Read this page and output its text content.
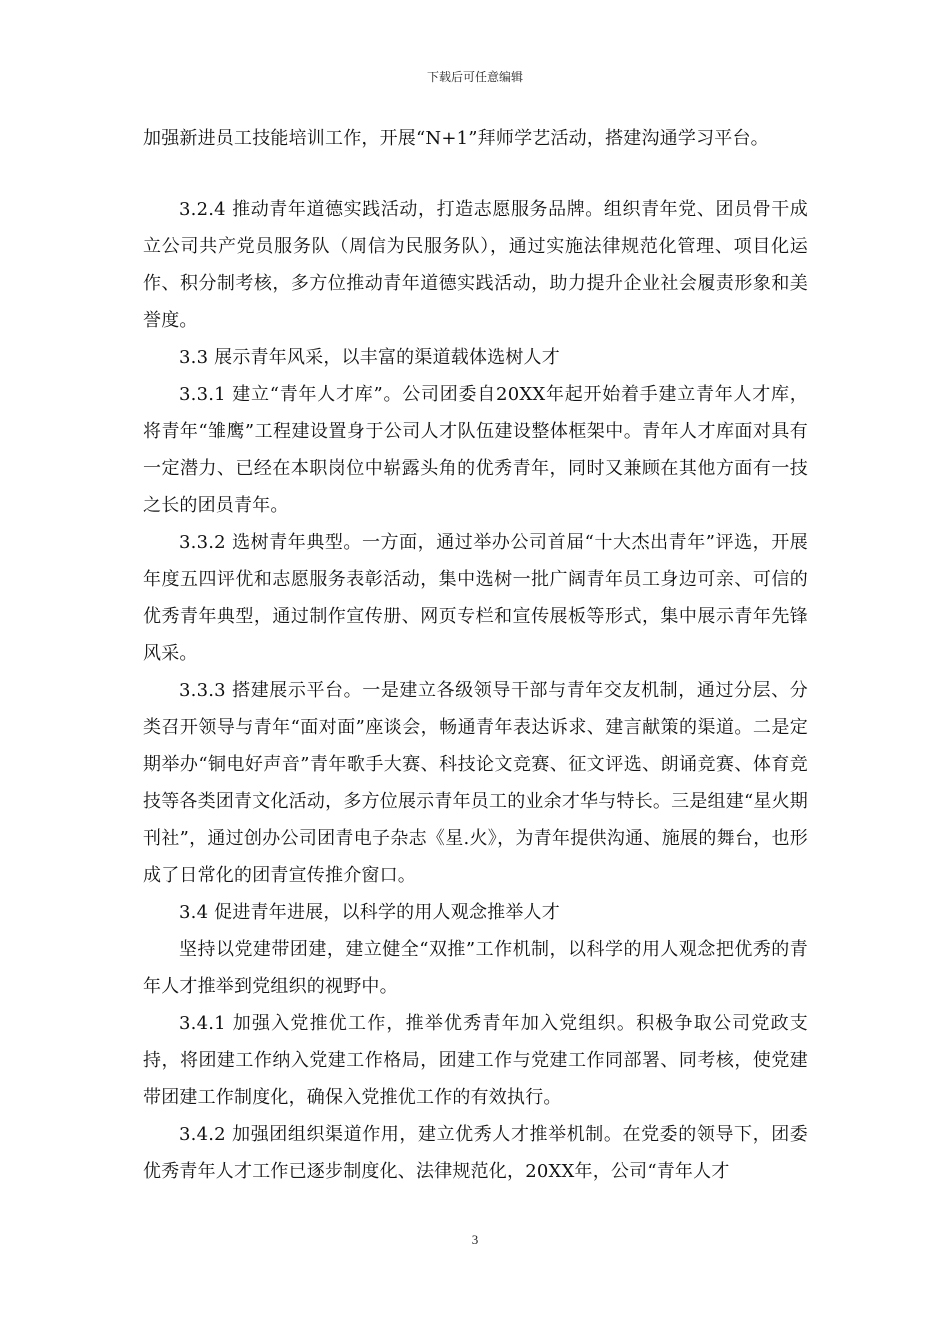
下载后可任意编辑

加强新进员工技能培训工作，开展“N+1”拜师学艺活动，搭建沟通学习平台。

3.2.4 推动青年道德实践活动，打造志愿服务品牌。组织青年党、团员骨干成立公司共产党员服务队（周信为民服务队），通过实施法律规范化管理、项目化运作、积分制考核，多方位推动青年道德实践活动，助力提升企业社会履责形象和美誉度。

3.3 展示青年风采，以丰富的渠道载体选树人才

3.3.1 建立“青年人才库”。公司团委自20XX年起开始着手建立青年人才库，将青年“雏鹰”工程建设置身于公司人才队伍建设整体框架中。青年人才库面对具有一定潜力、已经在本职岗位中崭露头角的优秀青年，同时又兼顾在其他方面有一技之长的团员青年。

3.3.2 选树青年典型。一方面，通过举办公司首届“十大杰出青年”评选，开展年度五四评优和志愿服务表彰活动，集中选树一批广阔青年员工身边可亲、可信的优秀青年典型，通过制作宣传册、网页专栏和宣传展板等形式，集中展示青年先锋风采。

3.3.3 搭建展示平台。一是建立各级领导干部与青年交友机制，通过分层、分类召开领导与青年“面对面”座谈会，畅通青年表达诉求、建言献策的渠道。二是定期举办“铜电好声音”青年歌手大赛、科技论文竞赛、征文评选、朗诵竞赛、体育竞技等各类团青文化活动，多方位展示青年员工的业余才华与特长。三是组建“星火期刊社”，通过创办公司团青电子杂志《星.火》，为青年提供沟通、施展的舞台，也形成了日常化的团青宣传推介窗口。

3.4 促进青年进展，以科学的用人观念推举人才

坚持以党建带团建，建立健全“双推”工作机制，以科学的用人观念把优秀的青年人才推举到党组织的视野中。

3.4.1 加强入党推优工作，推举优秀青年加入党组织。积极争取公司党政支持，将团建工作纳入党建工作格局，团建工作与党建工作同部署、同考核，使党建带团建工作制度化，确保入党推优工作的有效执行。

3.4.2 加强团组织渠道作用，建立优秀人才推举机制。在党委的领导下，团委优秀青年人才工作已逐步制度化、法律规范化，20XX年，公司“青年人才

3
